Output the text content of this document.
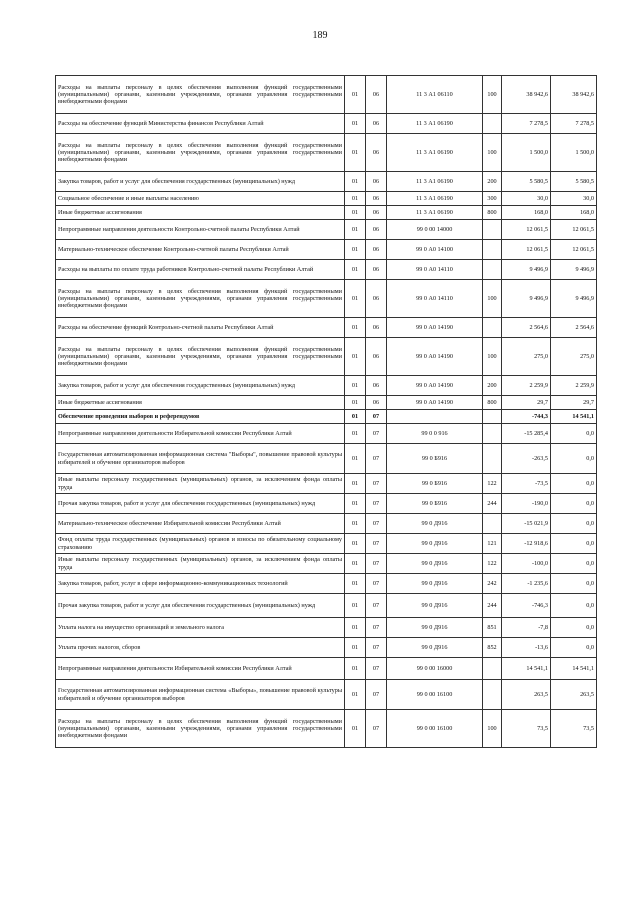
189
Расходы на выплаты персоналу в целях обеспечения выполнения функций государственными (муниципальными) органами, казенными учреждениями, органами управления государственными внебюджетными фондами	01	06	11 3 А1 06110	100	38 942,6	38 942,6
Расходы на обеспечение функций Министерства финансов Республики Алтай	01	06	11 3 А1 06190		7 278,5	7 278,5
Расходы на выплаты персоналу в целях обеспечения выполнения функций государственными (муниципальными) органами, казенными учреждениями, органами управления государственными внебюджетными фондами	01	06	11 3 А1 06190	100	1 500,0	1 500,0
Закупка товаров, работ и услуг для обеспечения государственных (муниципальных) нужд	01	06	11 3 А1 06190	200	5 580,5	5 580,5
Социальное обеспечение и иные выплаты населению	01	06	11 3 А1 06190	300	30,0	30,0
Иные бюджетные ассигнования	01	06	11 3 А1 06190	800	168,0	168,0
Непрограммные направления деятельности Контрольно-счетной палаты Республики Алтай	01	06	99 0 00 14000		12 061,5	12 061,5
Материально-техническое обеспечение Контрольно-счетной палаты Республики Алтай	01	06	99 0 А0 14100		12 061,5	12 061,5
Расходы на выплаты по оплате труда работников Контрольно-счетной палаты Республики Алтай	01	06	99 0 А0 14110		9 496,9	9 496,9
Расходы на выплаты персоналу в целях обеспечения выполнения функций государственными (муниципальными) органами, казенными учреждениями, органами управления государственными внебюджетными фондами	01	06	99 0 А0 14110	100	9 496,9	9 496,9
Расходы на обеспечение функций Контрольно-счетной палаты Республики Алтай	01	06	99 0 А0 14190		2 564,6	2 564,6
Расходы на выплаты персоналу в целях обеспечения выполнения функций государственными (муниципальными) органами, казенными учреждениями, органами управления государственными внебюджетными фондами	01	06	99 0 А0 14190	100	275,0	275,0
Закупка товаров, работ и услуг для обеспечения государственных (муниципальных) нужд	01	06	99 0 А0 14190	200	2 259,9	2 259,9
Иные бюджетные ассигнования	01	06	99 0 А0 14190	800	29,7	29,7
Обеспечение проведения выборов и референдумов	01	07			-744,3	14 541,1
Непрограммные направления деятельности Избирательной комиссии Республики Алтай	01	07	99 0 0 916		-15 285,4	0,0
Государственная автоматизированная информационная система "Выборы", повышение правовой культуры избирателей и обучение организаторов выборов	01	07	99 0 Б916		-263,5	0,0
Иные выплаты персоналу государственных (муниципальных) органов, за исключением фонда оплаты труда	01	07	99 0 Б916	122	-73,5	0,0
Прочая закупка товаров, работ и услуг для обеспечения государственных (муниципальных) нужд	01	07	99 0 Б916	244	-190,0	0,0
Материально-техническое обеспечение Избирательной комиссии Республики Алтай	01	07	99 0 Д916		-15 021,9	0,0
Фонд оплаты труда государственных (муниципальных) органов и взносы по обязательному социальному страхованию	01	07	99 0 Д916	121	-12 918,6	0,0
Иные выплаты персоналу государственных (муниципальных) органов, за исключением фонда оплаты труда	01	07	99 0 Д916	122	-100,0	0,0
Закупка товаров, работ, услуг в сфере информационно-коммуникационных технологий	01	07	99 0 Д916	242	-1 235,6	0,0
Прочая закупка товаров, работ и услуг для обеспечения государственных (муниципальных) нужд	01	07	99 0 Д916	244	-746,3	0,0
Уплата налога на имущество организаций и земельного налога	01	07	99 0 Д916	851	-7,8	0,0
Уплата прочих налогов, сборов	01	07	99 0 Д916	852	-13,6	0,0
Непрограммные направления деятельности Избирательной комиссии Республики Алтай	01	07	99 0 00 16000		14 541,1	14 541,1
Государственная автоматизированная информационная система «Выборы», повышение правовой культуры избирателей и обучение организаторов выборов	01	07	99 0 00 16100		263,5	263,5
Расходы на выплаты персоналу в целях обеспечения выполнения функций государственными (муниципальными) органами, казенными учреждениями, органами управления государственными внебюджетными фондами	01	07	99 0 00 16100	100	73,5	73,5
